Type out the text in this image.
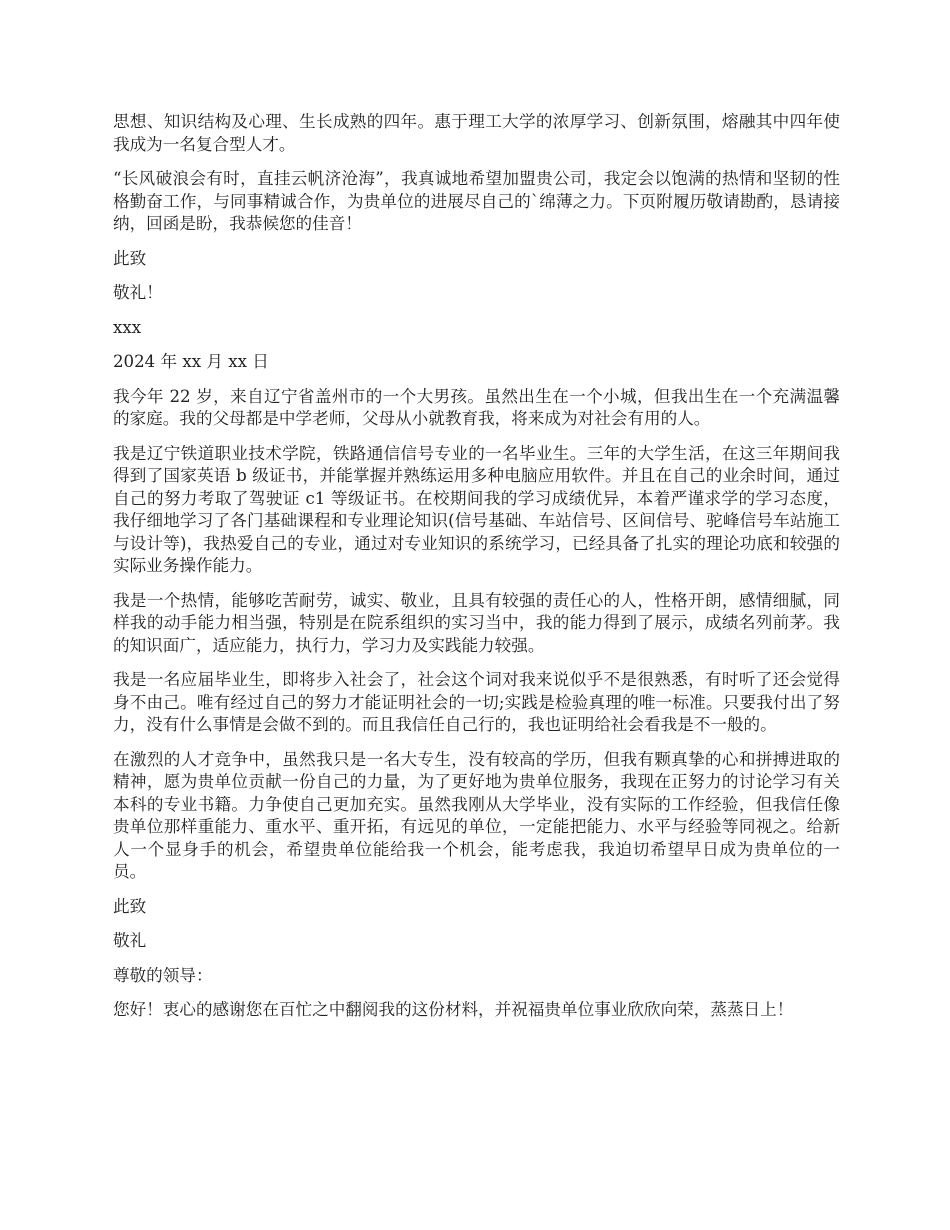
思想、知识结构及心理、生长成熟的四年。惠于理工大学的浓厚学习、创新氛围，熔融其中四年使我成为一名复合型人才。

“长风破浪会有时，直挂云帆济沧海”，我真诚地希望加盟贵公司，我定会以饱满的热情和坚韧的性格勤奋工作，与同事精诚合作，为贵单位的进展尽自己的`绵薄之力。下页附履历敬请勘酌，恳请接纳，回函是盼，我恭候您的佳音！

此致

敬礼！

xxx

2024 年 xx 月 xx 日

我今年 22 岁，来自辽宁省盖州市的一个大男孩。虽然出生在一个小城，但我出生在一个充满温馨的家庭。我的父母都是中学老师，父母从小就教育我，将来成为对社会有用的人。

我是辽宁铁道职业技术学院，铁路通信信号专业的一名毕业生。三年的大学生活，在这三年期间我得到了国家英语 b 级证书，并能掌握并熟练运用多种电脑应用软件。并且在自己的业余时间，通过自己的努力考取了驾驶证 c1 等级证书。在校期间我的学习成绩优异，本着严谨求学的学习态度，我仔细地学习了各门基础课程和专业理论知识(信号基础、车站信号、区间信号、驼峰信号车站施工与设计等)，我热爱自己的专业，通过对专业知识的系统学习，已经具备了扎实的理论功底和较强的实际业务操作能力。

我是一个热情，能够吃苦耐劳，诚实、敬业，且具有较强的责任心的人，性格开朗，感情细腻，同样我的动手能力相当强，特别是在院系组织的实习当中，我的能力得到了展示，成绩名列前茅。我的知识面广，适应能力，执行力，学习力及实践能力较强。

我是一名应届毕业生，即将步入社会了，社会这个词对我来说似乎不是很熟悉，有时听了还会觉得身不由己。唯有经过自己的努力才能证明社会的一切;实践是检验真理的唯一标准。只要我付出了努力，没有什么事情是会做不到的。而且我信任自己行的，我也证明给社会看我是不一般的。

在激烈的人才竞争中，虽然我只是一名大专生，没有较高的学历，但我有颗真挚的心和拼搏进取的精神，愿为贵单位贡献一份自己的力量，为了更好地为贵单位服务，我现在正努力的讨论学习有关本科的专业书籍。力争使自己更加充实。虽然我刚从大学毕业，没有实际的工作经验，但我信任像贵单位那样重能力、重水平、重开拓，有远见的单位，一定能把能力、水平与经验等同视之。给新人一个显身手的机会，希望贵单位能给我一个机会，能考虑我，我迫切希望早日成为贵单位的一员。

此致

敬礼

尊敬的领导：

您好！衷心的感谢您在百忙之中翻阅我的这份材料，并祝福贵单位事业欣欣向荣，蒸蒸日上！
